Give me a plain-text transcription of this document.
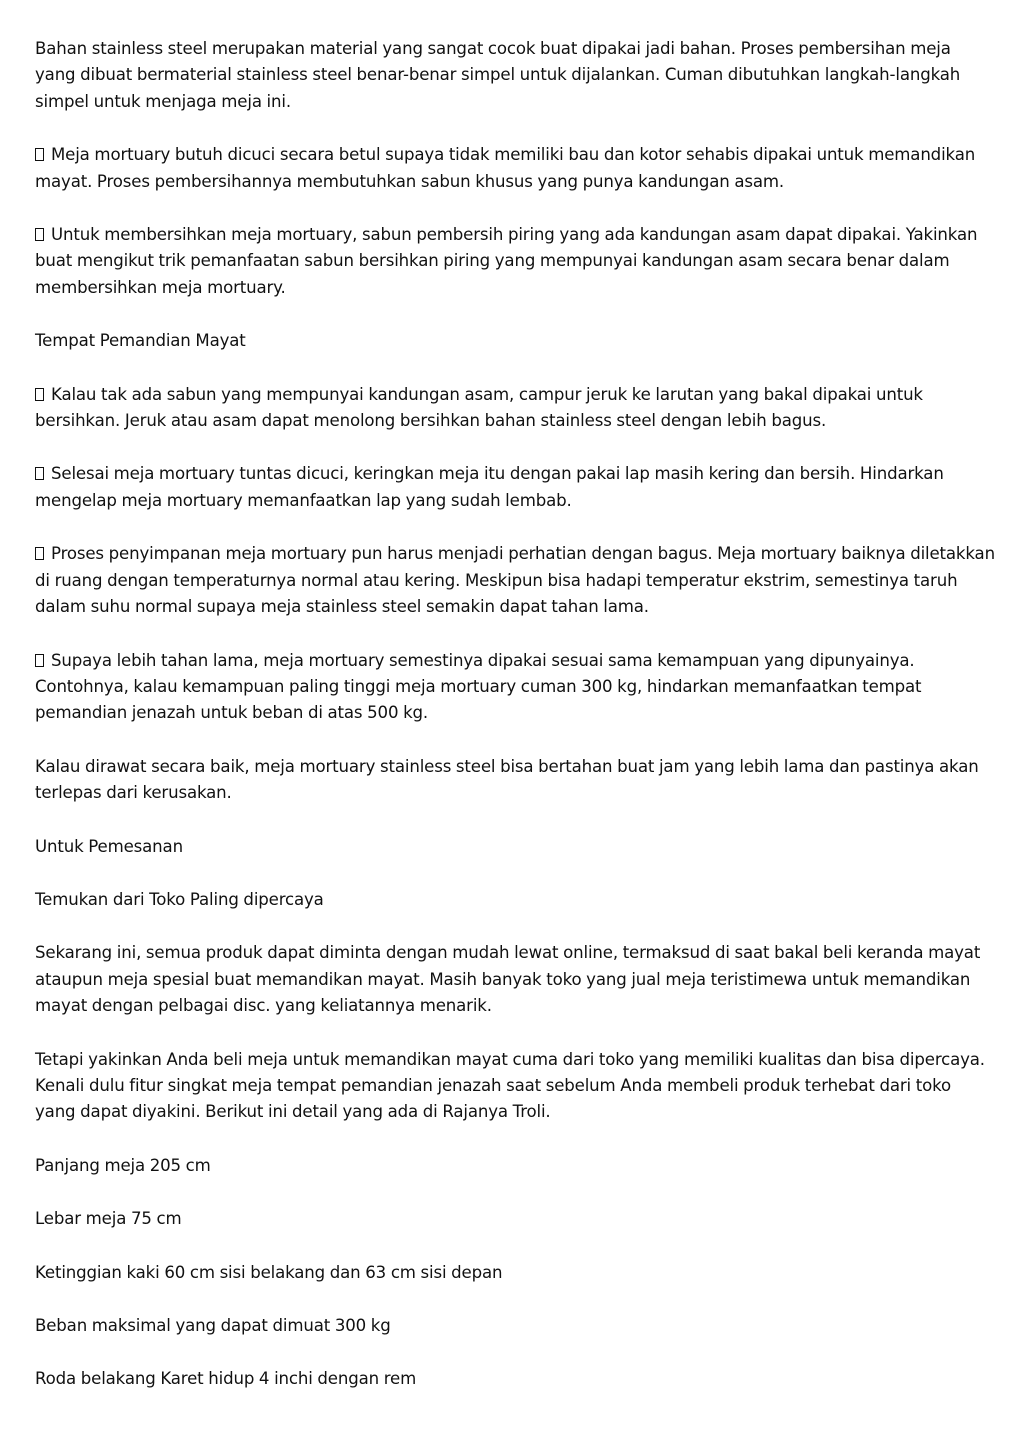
Bahan stainless steel merupakan material yang sangat cocok buat dipakai jadi bahan. Proses pembersihan meja yang dibuat bermaterial stainless steel benar-benar simpel untuk dijalankan. Cuman dibutuhkan langkah-langkah simpel untuk menjaga meja ini.

Meja mortuary butuh dicuci secara betul supaya tidak memiliki bau dan kotor sehabis dipakai untuk memandikan mayat. Proses pembersihannya membutuhkan sabun khusus yang punya kandungan asam.

Untuk membersihkan meja mortuary, sabun pembersih piring yang ada kandungan asam dapat dipakai. Yakinkan buat mengikut trik pemanfaatan sabun bersihkan piring yang mempunyai kandungan asam secara benar dalam membersihkan meja mortuary.

Tempat Pemandian Mayat

Kalau tak ada sabun yang mempunyai kandungan asam, campur jeruk ke larutan yang bakal dipakai untuk bersihkan. Jeruk atau asam dapat menolong bersihkan bahan stainless steel dengan lebih bagus.

Selesai meja mortuary tuntas dicuci, keringkan meja itu dengan pakai lap masih kering dan bersih. Hindarkan mengelap meja mortuary memanfaatkan lap yang sudah lembab.

Proses penyimpanan meja mortuary pun harus menjadi perhatian dengan bagus. Meja mortuary baiknya diletakkan di ruang dengan temperaturnya normal atau kering. Meskipun bisa hadapi temperatur ekstrim, semestinya taruh dalam suhu normal supaya meja stainless steel semakin dapat tahan lama.

Supaya lebih tahan lama, meja mortuary semestinya dipakai sesuai sama kemampuan yang dipunyainya. Contohnya, kalau kemampuan paling tinggi meja mortuary cuman 300 kg, hindarkan memanfaatkan tempat pemandian jenazah untuk beban di atas 500 kg.

Kalau dirawat secara baik, meja mortuary stainless steel bisa bertahan buat jam yang lebih lama dan pastinya akan terlepas dari kerusakan.

Untuk Pemesanan

Temukan dari Toko Paling dipercaya

Sekarang ini, semua produk dapat diminta dengan mudah lewat online, termaksud di saat bakal beli keranda mayat ataupun meja spesial buat memandikan mayat. Masih banyak toko yang jual meja teristimewa untuk memandikan mayat dengan pelbagai disc. yang keliatannya menarik.

Tetapi yakinkan Anda beli meja untuk memandikan mayat cuma dari toko yang memiliki kualitas dan bisa dipercaya. Kenali dulu fitur singkat meja tempat pemandian jenazah saat sebelum Anda membeli produk terhebat dari toko yang dapat diyakini. Berikut ini detail yang ada di Rajanya Troli.

Panjang meja 205 cm

Lebar meja 75 cm

Ketinggian kaki 60 cm sisi belakang dan 63 cm sisi depan

Beban maksimal yang dapat dimuat 300 kg

Roda belakang Karet hidup 4 inchi dengan rem
